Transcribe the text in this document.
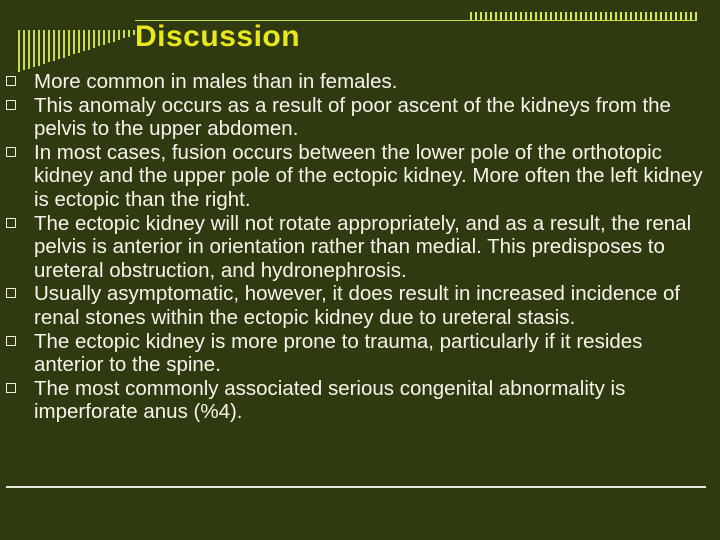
Discussion
More common in males than in females.
This anomaly occurs as a result of poor ascent of the kidneys from the pelvis to the upper abdomen.
In most cases, fusion occurs between the lower pole of the orthotopic kidney and the upper pole of the ectopic kidney. More often the left kidney is ectopic than the right.
The ectopic kidney will not rotate appropriately, and as a result, the renal pelvis is anterior in orientation rather than medial. This predisposes to ureteral obstruction, and hydronephrosis.
Usually asymptomatic, however, it does result in increased incidence of renal stones within the ectopic kidney due to ureteral stasis.
The ectopic kidney is more prone to trauma, particularly if it resides anterior to the spine.
The most commonly associated serious congenital abnormality is imperforate anus (%4).
